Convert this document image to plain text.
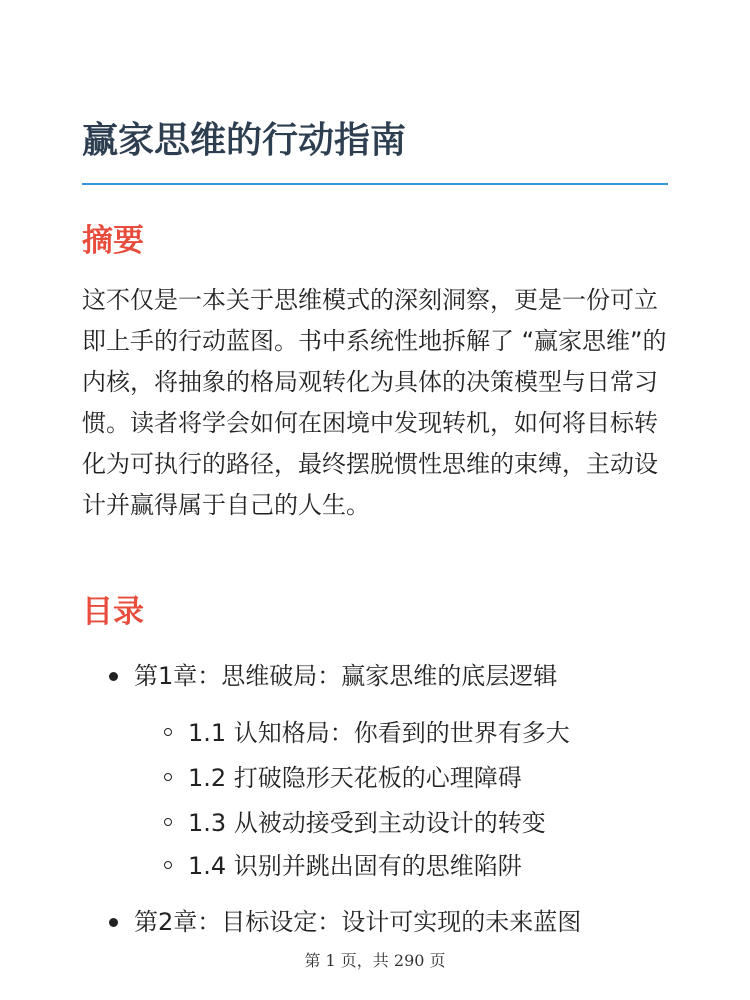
赢家思维的行动指南
摘要

这不仅是一本关于思维模式的深刻洞察，更是一份可立即上手的行动蓝图。书中系统性地拆解了 “赢家思维”的内核，将抽象的格局观转化为具体的决策模型与日常习惯。读者将学会如何在困境中发现转机，如何将目标转化为可执行的路径，最终摆脱惯性思维的束缚，主动设计并赢得属于自己的人生。

目录
第1章：思维破局：赢家思维的底层逻辑
1.1 认知格局：你看到的世界有多大
1.2 打破隐形天花板的心理障碍
1.3 从被动接受到主动设计的转变
1.4 识别并跳出固有的思维陷阱
第2章：目标设定：设计可实现的未来蓝图
第 1 页，共 290 页
